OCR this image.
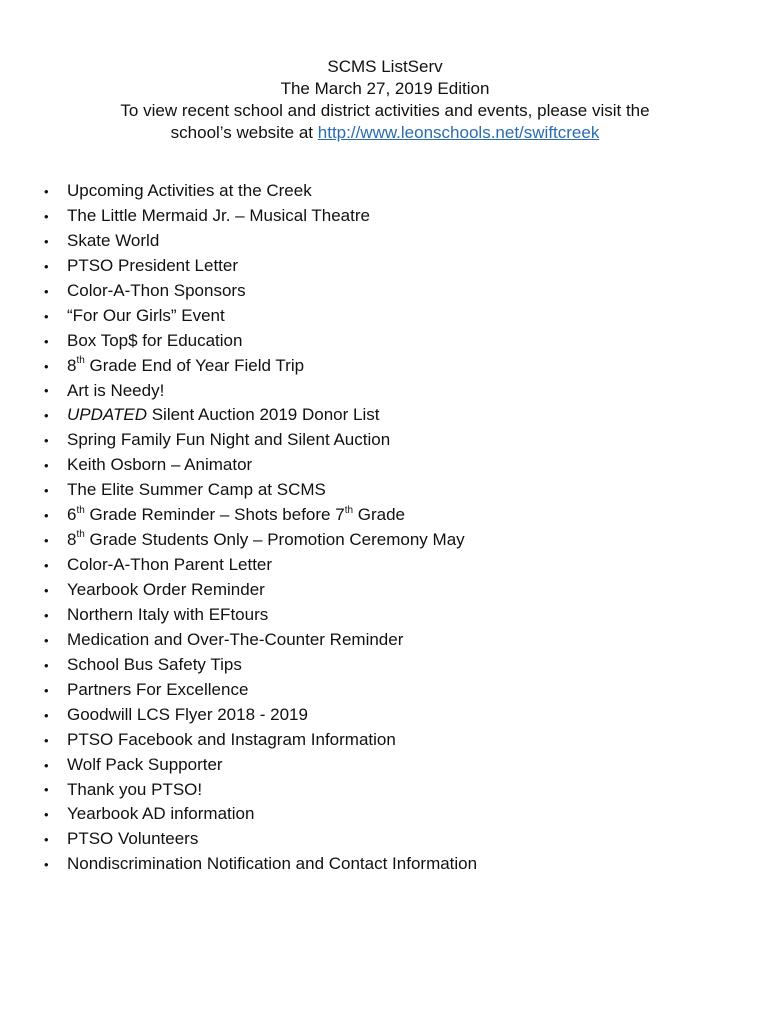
SCMS ListServ
The March 27, 2019 Edition
To view recent school and district activities and events, please visit the school’s website at http://www.leonschools.net/swiftcreek
•	Upcoming Activities at the Creek
•	The Little Mermaid Jr. – Musical Theatre
•	Skate World
•	PTSO President Letter
•	Color-A-Thon Sponsors
•	“For Our Girls” Event
•	Box Top$ for Education
•	8th Grade End of Year Field Trip
•	Art is Needy!
•	UPDATED Silent Auction 2019 Donor List
•	Spring Family Fun Night and Silent Auction
•	Keith Osborn – Animator
•	The Elite Summer Camp at SCMS
•	6th Grade Reminder – Shots before 7th Grade
•	8th Grade Students Only – Promotion Ceremony May
•	Color-A-Thon Parent Letter
•	Yearbook Order Reminder
•	Northern Italy with EFtours
•	Medication and Over-The-Counter Reminder
•	School Bus Safety Tips
•	Partners For Excellence
•	Goodwill LCS Flyer 2018 - 2019
•	PTSO Facebook and Instagram Information
•	Wolf Pack Supporter
•	Thank you PTSO!
•	Yearbook AD information
•	PTSO Volunteers
•	Nondiscrimination Notification and Contact Information
